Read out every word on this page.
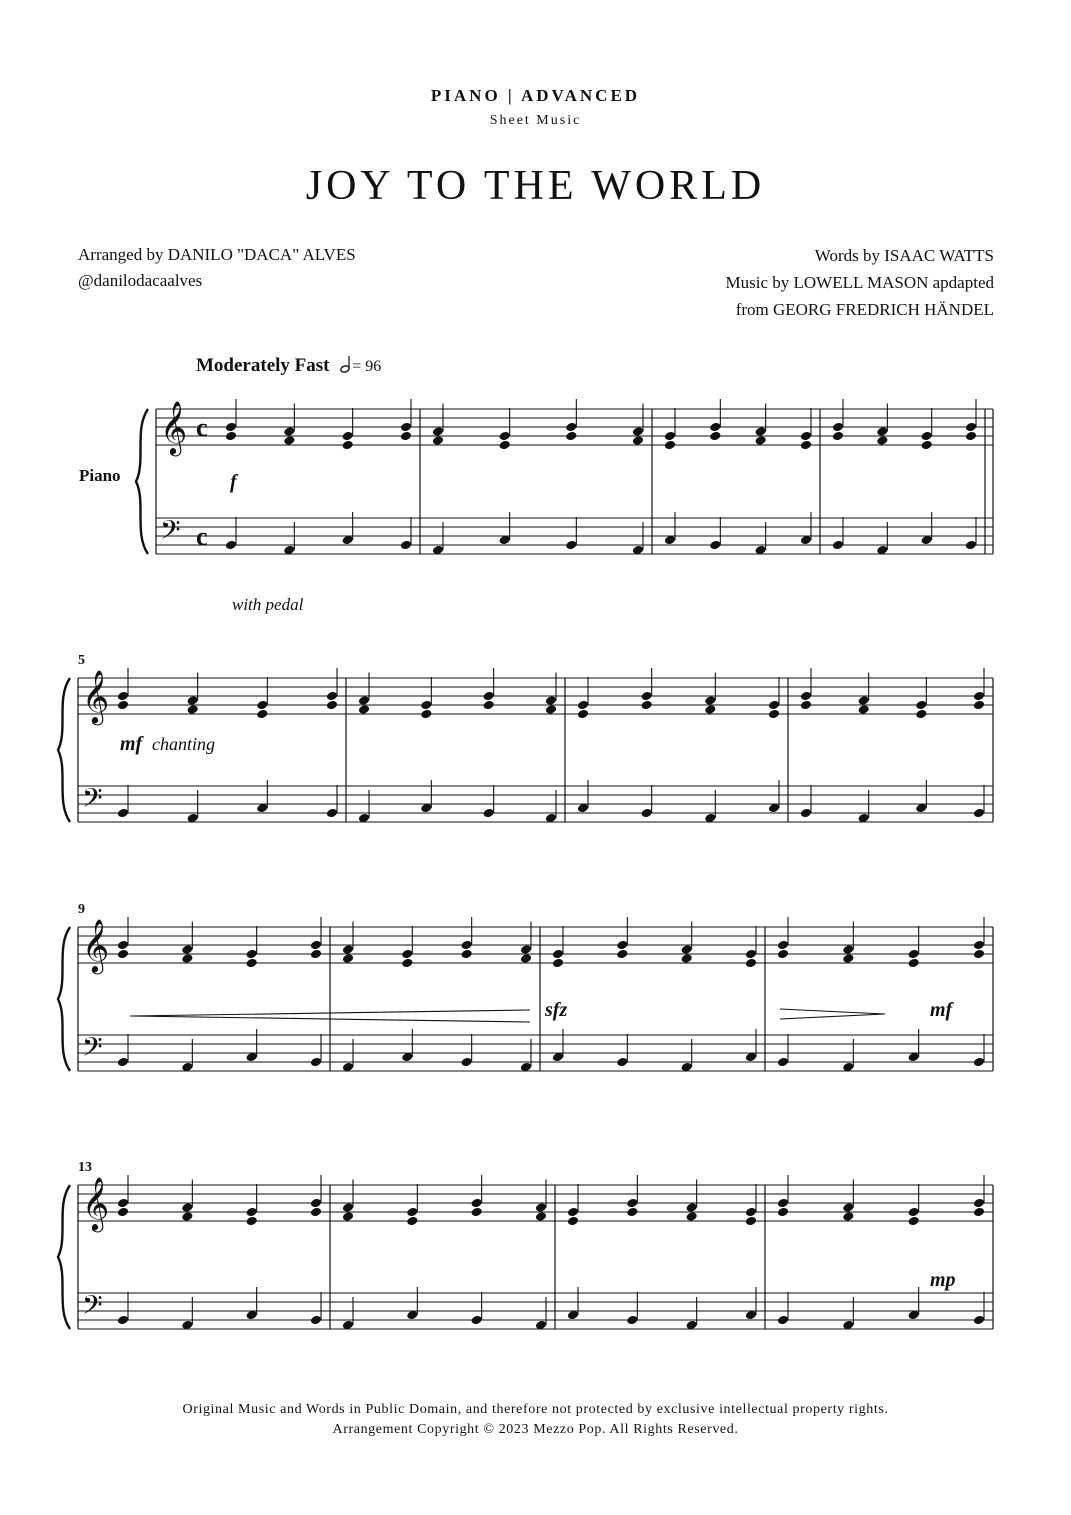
PIANO | ADVANCED
Sheet Music
JOY TO THE WORLD
Arranged by DANILO "DACA" ALVES
@danilodacaalves
Words by ISAAC WATTS
Music by LOWELL MASON apdapted
from GEORG FREDRICH HÄNDEL
Moderately Fast = 96
Piano
𝄞 c
𝄢 c
𝄞
𝄢
5
𝄞
𝄢
9
𝄞
𝄢
13
f
mf
sfz	mf
mp
with pedal
chanting
Original Music and Words in Public Domain, and therefore not protected by exclusive intellectual property rights.
Arrangement Copyright © 2023 Mezzo Pop. All Rights Reserved.
